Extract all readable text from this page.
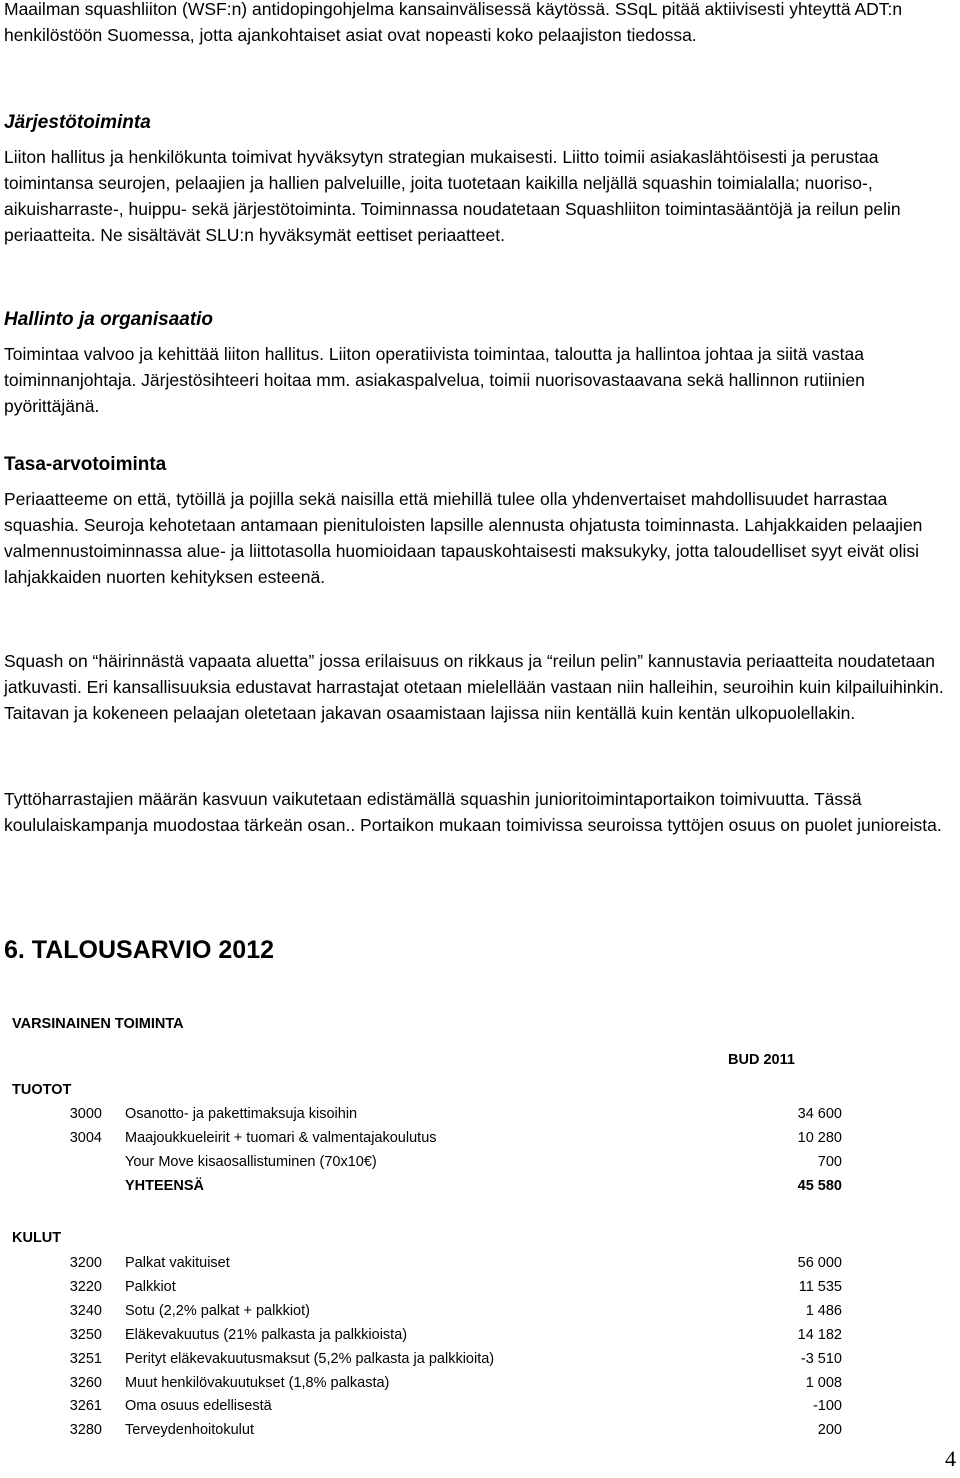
Maailman squashliiton (WSF:n) antidopingohjelma kansainvälisessä käytössä. SSqL pitää aktiivisesti yhteyttä ADT:n henkilöstöön Suomessa, jotta ajankohtaiset asiat ovat nopeasti koko pelaajiston tiedossa.

Järjestötoiminta

Liiton hallitus ja henkilökunta toimivat hyväksytyn strategian mukaisesti. Liitto toimii asiakaslähtöisesti ja perustaa toimintansa seurojen, pelaajien ja hallien palveluille, joita tuotetaan kaikilla neljällä squashin toimialalla; nuoriso-, aikuisharraste-, huippu- sekä järjestötoiminta. Toiminnassa noudatetaan Squashliiton toimintasääntöjä ja reilun pelin periaatteita. Ne sisältävät SLU:n hyväksymät eettiset periaatteet.

Hallinto ja organisaatio

Toimintaa valvoo ja kehittää liiton hallitus. Liiton operatiivista toimintaa, taloutta ja hallintoa johtaa ja siitä vastaa toiminnanjohtaja. Järjestösihteeri hoitaa mm. asiakaspalvelua, toimii nuorisovastaavana sekä hallinnon rutiinien pyörittäjänä.

Tasa-arvotoiminta

Periaatteeme on että, tytöillä ja pojilla sekä naisilla että miehillä tulee olla yhdenvertaiset mahdollisuudet harrastaa squashia. Seuroja kehotetaan antamaan pienituloisten lapsille alennusta ohjatusta toiminnasta. Lahjakkaiden pelaajien valmennustoiminnassa alue- ja liittotasolla huomioidaan tapauskohtaisesti maksukyky, jotta taloudelliset syyt eivät olisi lahjakkaiden nuorten kehityksen esteenä.

Squash on “häirinnästä vapaata aluetta” jossa erilaisuus on rikkaus ja “reilun pelin” kannustavia periaatteita noudatetaan jatkuvasti. Eri kansallisuuksia edustavat harrastajat otetaan mielellään vastaan niin halleihin, seuroihin kuin kilpailuihinkin. Taitavan ja kokeneen pelaajan oletetaan jakavan osaamistaan lajissa niin kentällä kuin kentän ulkopuolellakin.

Tyttöharrastajien määrän kasvuun vaikutetaan edistämällä squashin junioritoimintaportaikon toimivuutta. Tässä koululaiskampanja muodostaa tärkeän osan.. Portaikon mukaan toimivissa seuroissa tyttöjen osuus on puolet junioreista.

6. TALOUSARVIO 2012
VARSINAINEN TOIMINTA
BUD 2011
TUOTOT
3000 Osanotto- ja pakettimaksuja kisoihin	34 600
3004 Maajoukkueleirit + tuomari & valmentajakoulutus	10 280
Your Move kisaosallistuminen (70x10€)	700
YHTEENSÄ	45 580
KULUT
3200 Palkat vakituiset	56 000
3220 Palkkiot	11 535
3240 Sotu (2,2% palkat + palkkiot)	1 486
3250 Eläkevakuutus (21% palkasta ja palkkioista)	14 182
3251 Perityt eläkevakuutusmaksut (5,2% palkasta ja palkkioita)	-3 510
3260 Muut henkilövakuutukset (1,8% palkasta)	1 008
3261 Oma osuus edellisestä	-100
3280 Terveydenhoitokulut	200
4
